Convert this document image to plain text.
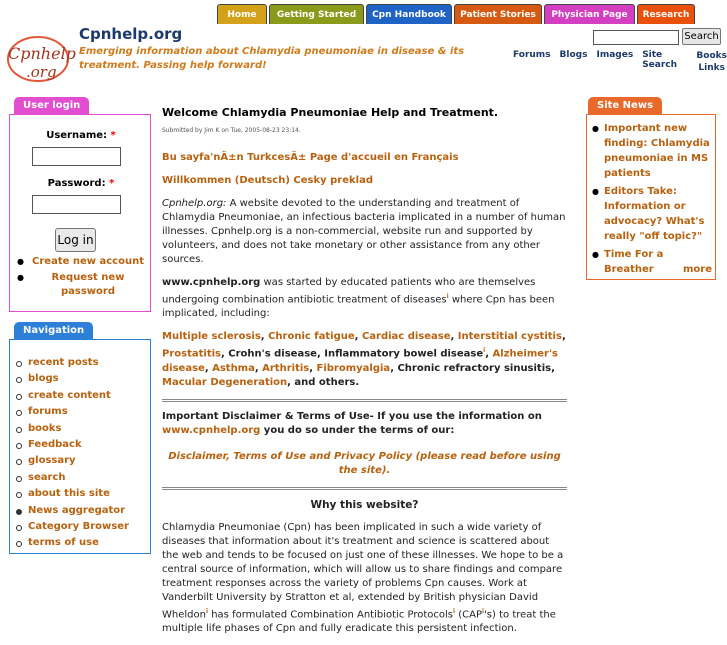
Home	Getting Started	Cpn Handbook	Patient Stories	Physician Page	Research
Cpnhelp
.org
Cpnhelp.org
Emerging information about Chlamydia pneumoniae in disease & its treatment. Passing help forward!
Search
Forums Blogs Images Site Search
Books
Links
User login
Username: *
Password: *
Log in
● Create new account
● Request new password
Navigation
recent posts
blogs
create content
forums
books
Feedback
glossary
search
about this site
News aggregator
Category Browser
terms of use
Site News
● Important new finding: Chlamydia pneumoniae in MS patients
● Editors Take: Information or advocacy? What's really "off topic?"
● Time For a Breather	more
Welcome Chlamydia Pneumoniae Help and Treatment.
Submitted by Jim K on Tue, 2005-08-23 23:14.
Bu sayfa'nÄ±n TurkcesÄ± Page d'accueil en Français
Willkommen (Deutsch) Cesky preklad
Cpnhelp.org: A website devoted to the understanding and treatment of Chlamydia Pneumoniae, an infectious bacteria implicated in a number of human illnesses. Cpnhelp.org is a non-commercial, website run and supported by volunteers, and does not take monetary or other assistance from any other sources.
www.cpnhelp.org was started by educated patients who are themselves undergoing combination antibiotic treatment of diseases$^i$ where Cpn has been implicated, including:
Multiple sclerosis, Chronic fatigue, Cardiac disease, Interstitial cystitis, Prostatitis, Crohn's disease, Inflammatory bowel disease$^i$, Alzheimer's disease, Asthma, Arthritis, Fibromyalgia, Chronic refractory sinusitis, Macular Degeneration, and others.
Important Disclaimer & Terms of Use- If you use the information on
www.cpnhelp.org you do so under the terms of our:
Disclaimer, Terms of Use and Privacy Policy (please read before using the site).
Why this website?
Chlamydia Pneumoniae (Cpn) has been implicated in such a wide variety of diseases that information about it's treatment and science is scattered about the web and tends to be focused on just one of these illnesses. We hope to be a central source of information, which will allow us to share findings and compare treatment responses across the variety of problems Cpn causes. Work at Vanderbilt University by Stratton et al, extended by British physician David Wheldon$^i$ has formulated Combination Antibiotic Protocols$^i$ (CAP$^i$'s) to treat the multiple life phases of Cpn and fully eradicate this persistent infection.
